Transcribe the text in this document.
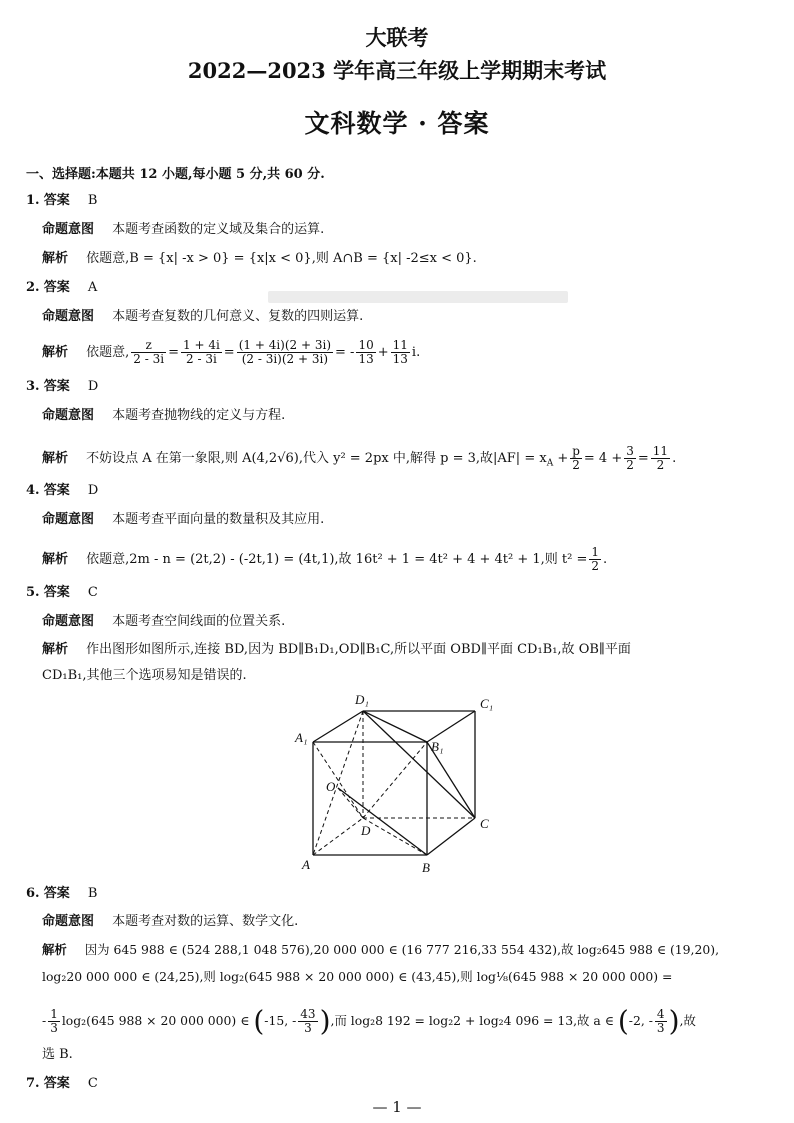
大联考
2022—2023 学年高三年级上学期期末考试
文科数学 · 答案
一、选择题:本题共 12 小题,每小题 5 分,共 60 分.
1. 答案 B
命题意图 本题考查函数的定义域及集合的运算.
解析 依题意,B = {x| -x > 0} = {x|x < 0},则 A∩B = {x| -2≤x < 0}.
2. 答案 A
命题意图 本题考查复数的几何意义、复数的四则运算.
解析 依题意, $\frac{z}{2 - 3i} = \frac{1 + 4i}{2 - 3i} = \frac{(1 + 4i)(2 + 3i)}{(2 - 3i)(2 + 3i)}$ = - $\frac{10}{13} + \frac{11}{13} i$.
3. 答案 D
命题意图 本题考查抛物线的定义与方程.
解析 不妨设点 A 在第一象限,则 A(4,2√6),代入 y² = 2px 中,解得 p = 3,故$|AF| = x_A + \frac{p}{2} = 4 + \frac{3}{2} = \frac{11}{2}$ .
4. 答案 D
命题意图 本题考查平面向量的数量积及其应用.
解析 依题意,2m - n = (2t,2) - (-2t,1) = (4t,1),故 16t² + 1 = 4t² + 4 + 4t² + 1,则 $t^2 = \frac{1}{2}$ .
5. 答案 C
命题意图 本题考查空间线面的位置关系.
解析 作出图形如图所示,连接 BD,因为 BD∥B₁D₁,OD∥B₁C,所以平面 OBD∥平面 CD₁B₁,故 OB∥平面
CD₁B₁,其他三个选项易知是错误的.
D₁	C₁
A₁
B₁
O
D	C
A	B
6. 答案 B
命题意图 本题考查对数的运算、数学文化.
解析 因为 645 988 ∈ (524 288,1 048 576),20 000 000 ∈ (16 777 216,33 554 432),故 log₂645 988 ∈ (19,20),
log₂20 000 000 ∈ (24,25),则 log₂(645 988 × 20 000 000) ∈ (43,45),则 log⅛(645 988 × 20 000 000) =
- $\frac{1}{3} \log_2(645$ 988 × 20 000 000) ∈ (-15, - $\frac{43}{3}$ ),而 log₂8 192 = log₂2 + log₂4 096 = 13,故 a ∈ (-2, - $\frac{4}{3}$ ),故
选 B.
7. 答案 C
— 1 —
